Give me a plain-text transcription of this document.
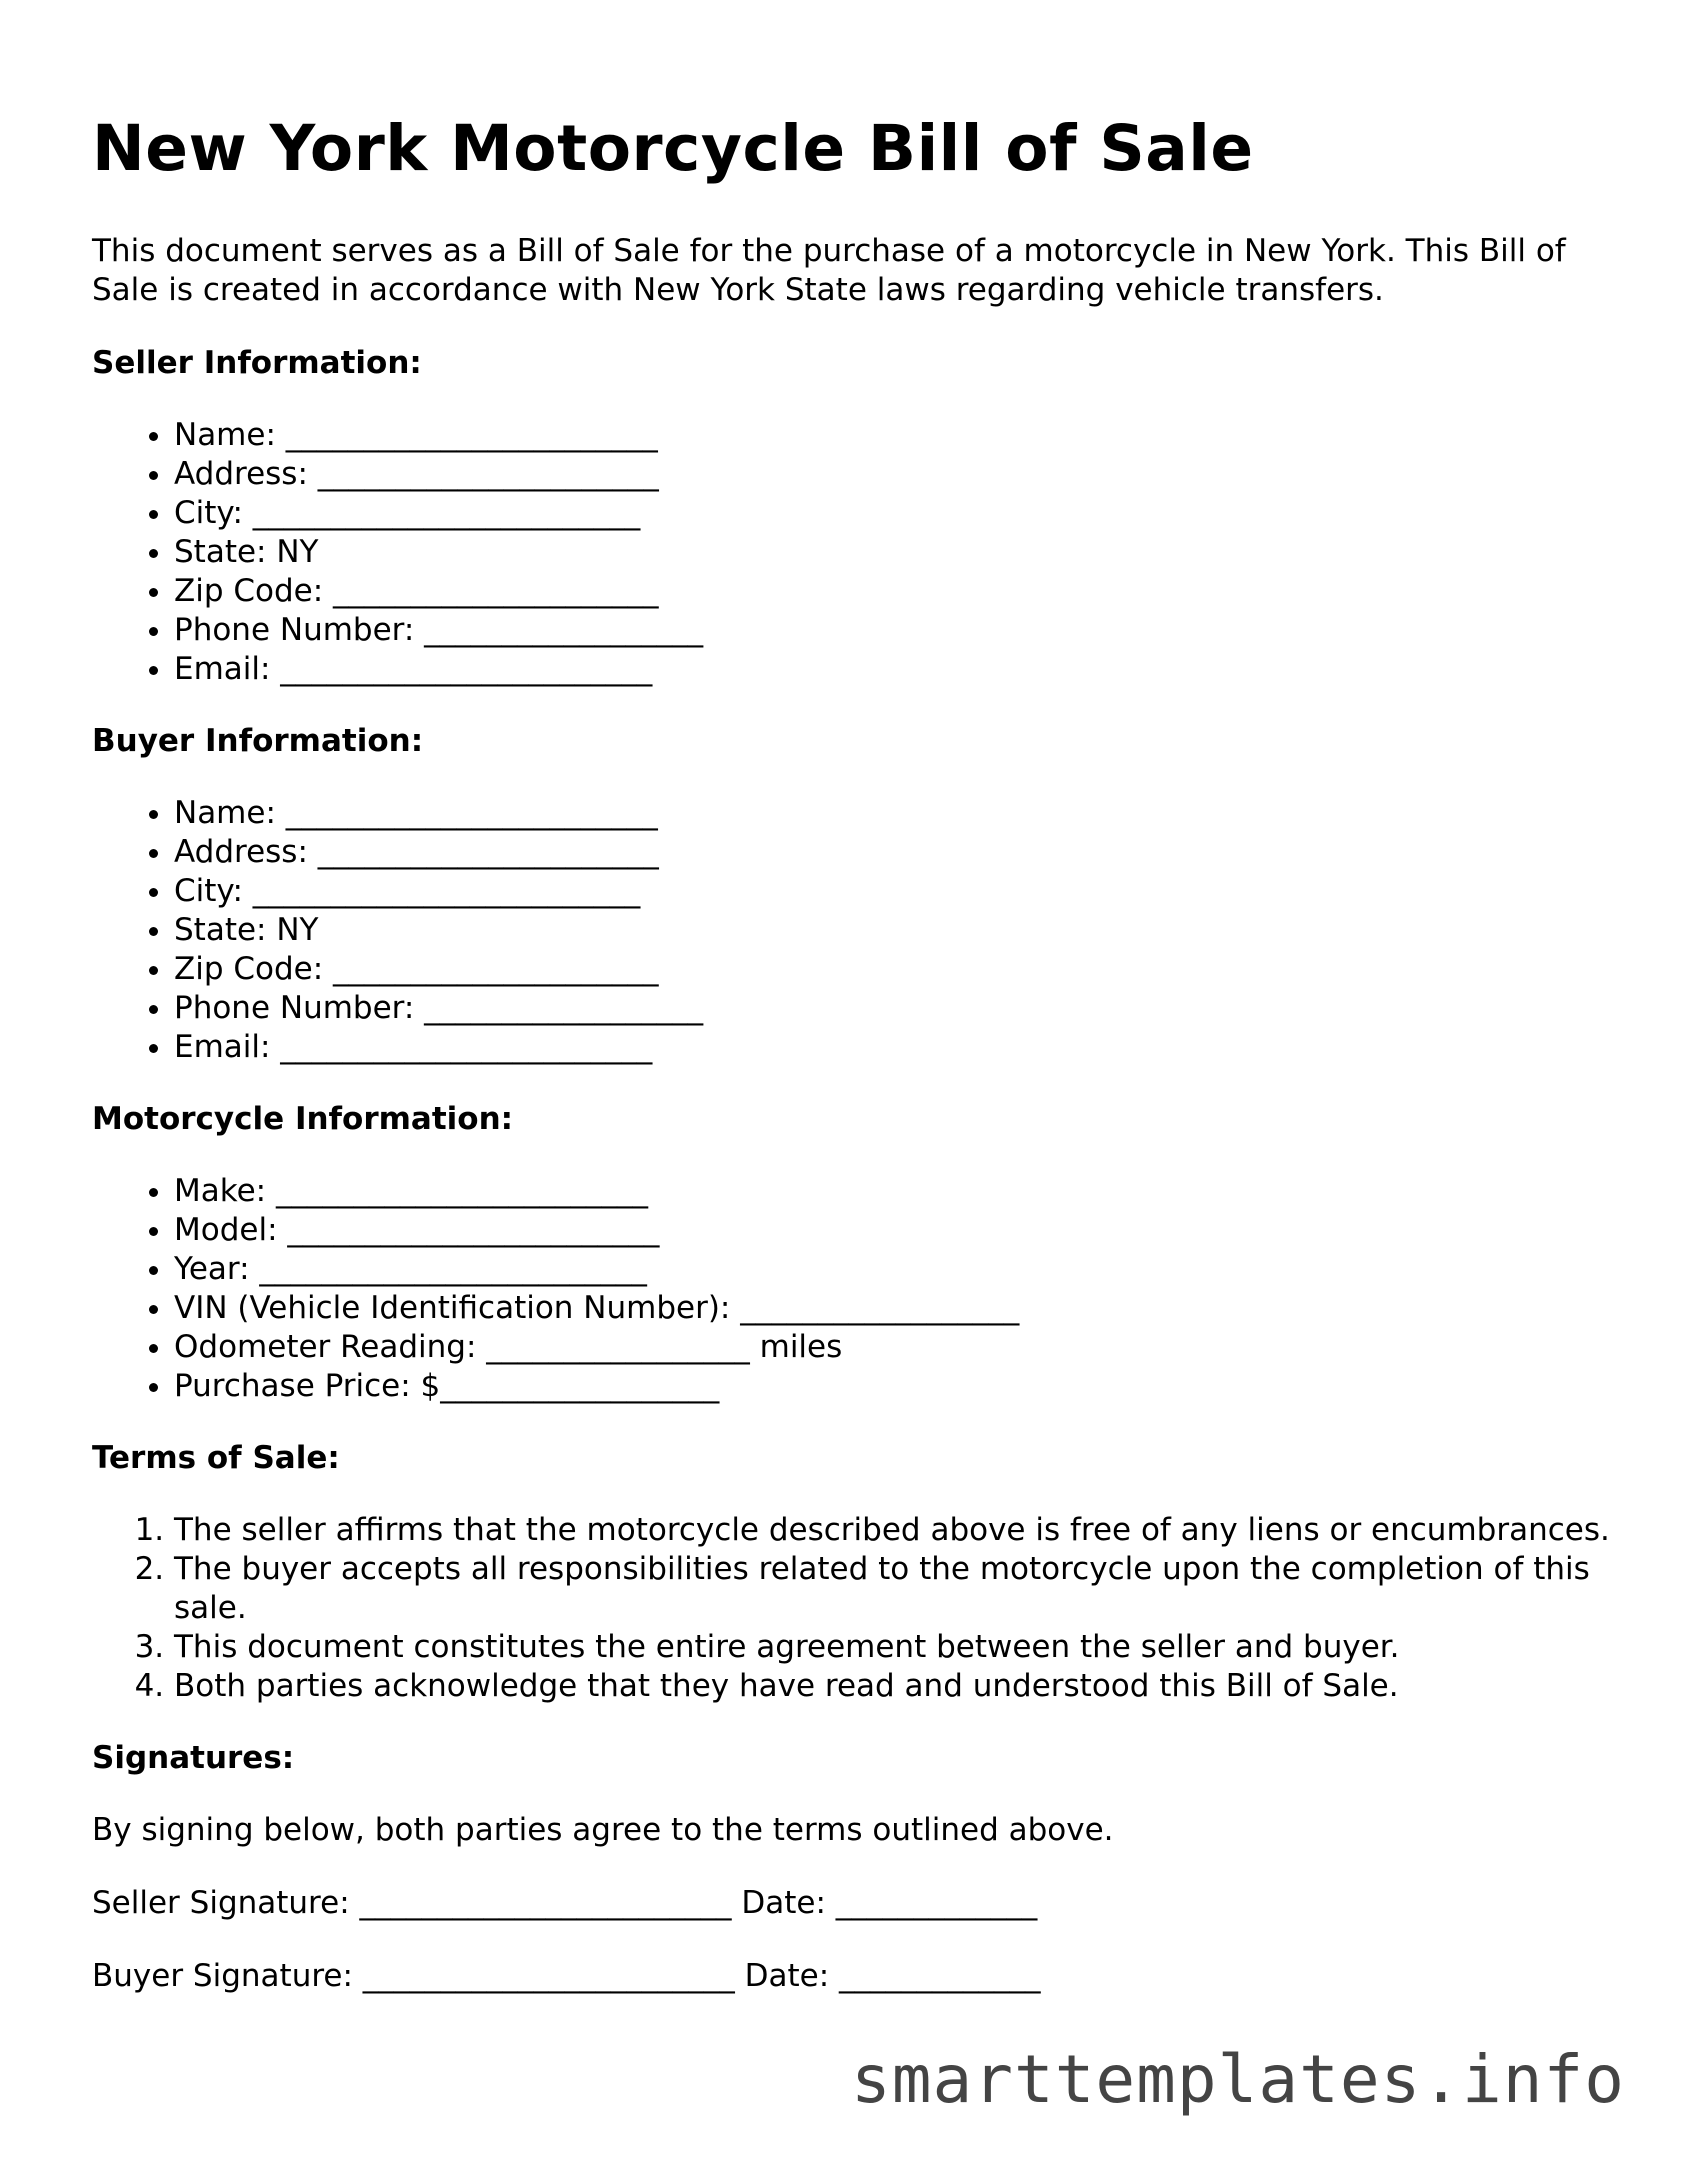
New York Motorcycle Bill of Sale

This document serves as a Bill of Sale for the purchase of a motorcycle in New York. This Bill of Sale is created in accordance with New York State laws regarding vehicle transfers.

Seller Information:
• Name: ________________________
• Address: ______________________
• City: _________________________
• State: NY
• Zip Code: _____________________
• Phone Number: __________________
• Email: ________________________
Buyer Information:
• Name: ________________________
• Address: ______________________
• City: _________________________
• State: NY
• Zip Code: _____________________
• Phone Number: __________________
• Email: ________________________
Motorcycle Information:
• Make: ________________________
• Model: ________________________
• Year: _________________________
• VIN (Vehicle Identification Number): __________________
• Odometer Reading: _________________ miles
• Purchase Price: $__________________
Terms of Sale:
1. The seller affirms that the motorcycle described above is free of any liens or encumbrances.
2. The buyer accepts all responsibilities related to the motorcycle upon the completion of this sale.
3. This document constitutes the entire agreement between the seller and buyer.
4. Both parties acknowledge that they have read and understood this Bill of Sale.
Signatures:

By signing below, both parties agree to the terms outlined above.

Seller Signature: ________________________ Date: _____________
Buyer Signature: ________________________ Date: _____________
smarttemplates.info
